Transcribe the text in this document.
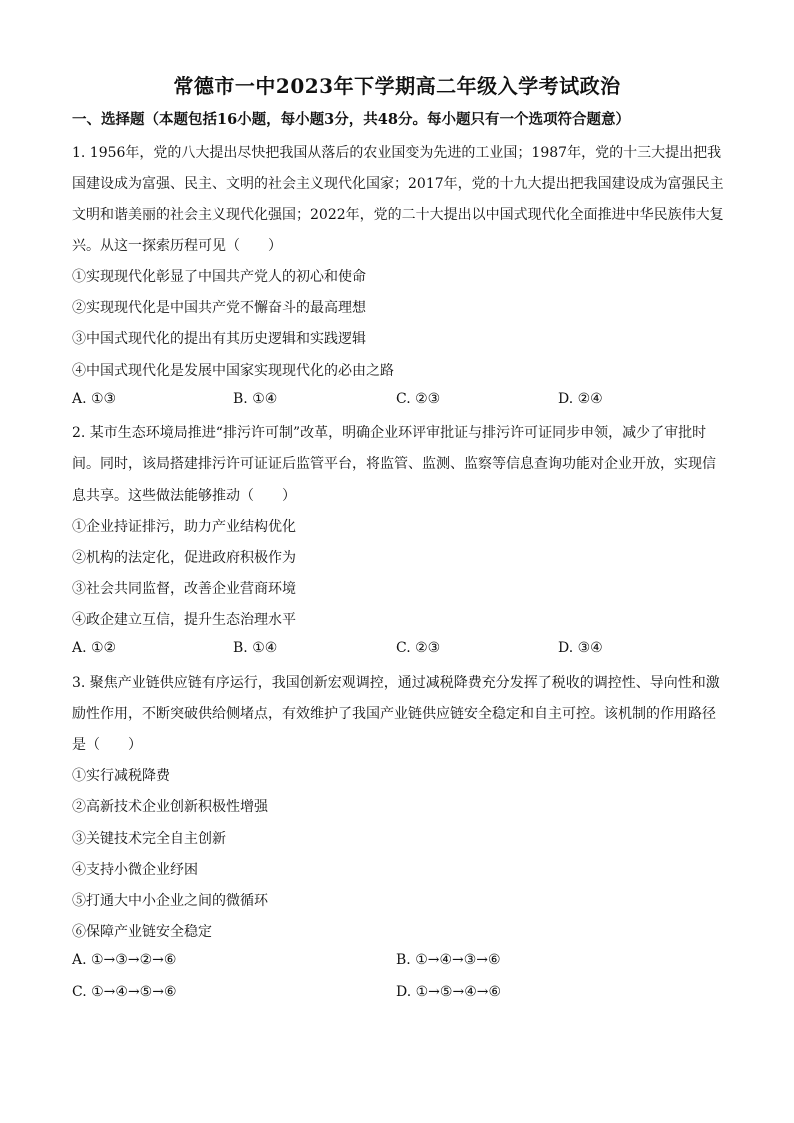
常德市一中2023年下学期高二年级入学考试政治
一、选择题（本题包括16小题，每小题3分，共48分。每小题只有一个选项符合题意）
1. 1956年，党的八大提出尽快把我国从落后的农业国变为先进的工业国；1987年，党的十三大提出把我
国建设成为富强、民主、文明的社会主义现代化国家；2017年，党的十九大提出把我国建设成为富强民主
文明和谐美丽的社会主义现代化强国；2022年，党的二十大提出以中国式现代化全面推进中华民族伟大复
兴。从这一探索历程可见（　　）
①实现现代化彰显了中国共产党人的初心和使命
②实现现代化是中国共产党不懈奋斗的最高理想
③中国式现代化的提出有其历史逻辑和实践逻辑
④中国式现代化是发展中国家实现现代化的必由之路
A. ①③	B. ①④	C. ②③	D. ②④
2. 某市生态环境局推进“排污许可制”改革，明确企业环评审批证与排污许可证同步申领，减少了审批时
间。同时，该局搭建排污许可证证后监管平台，将监管、监测、监察等信息查询功能对企业开放，实现信
息共享。这些做法能够推动（　　）
①企业持证排污，助力产业结构优化
②机构的法定化，促进政府积极作为
③社会共同监督，改善企业营商环境
④政企建立互信，提升生态治理水平
A. ①②	B. ①④	C. ②③	D. ③④
3. 聚焦产业链供应链有序运行，我国创新宏观调控，通过减税降费充分发挥了税收的调控性、导向性和激
励性作用，不断突破供给侧堵点，有效维护了我国产业链供应链安全稳定和自主可控。该机制的作用路径
是（　　）
①实行减税降费
②高新技术企业创新积极性增强
③关键技术完全自主创新
④支持小微企业纾困
⑤打通大中小企业之间的微循环
⑥保障产业链安全稳定
A. ①→③→②→⑥	B. ①→④→③→⑥
C. ①→④→⑤→⑥	D. ①→⑤→④→⑥
